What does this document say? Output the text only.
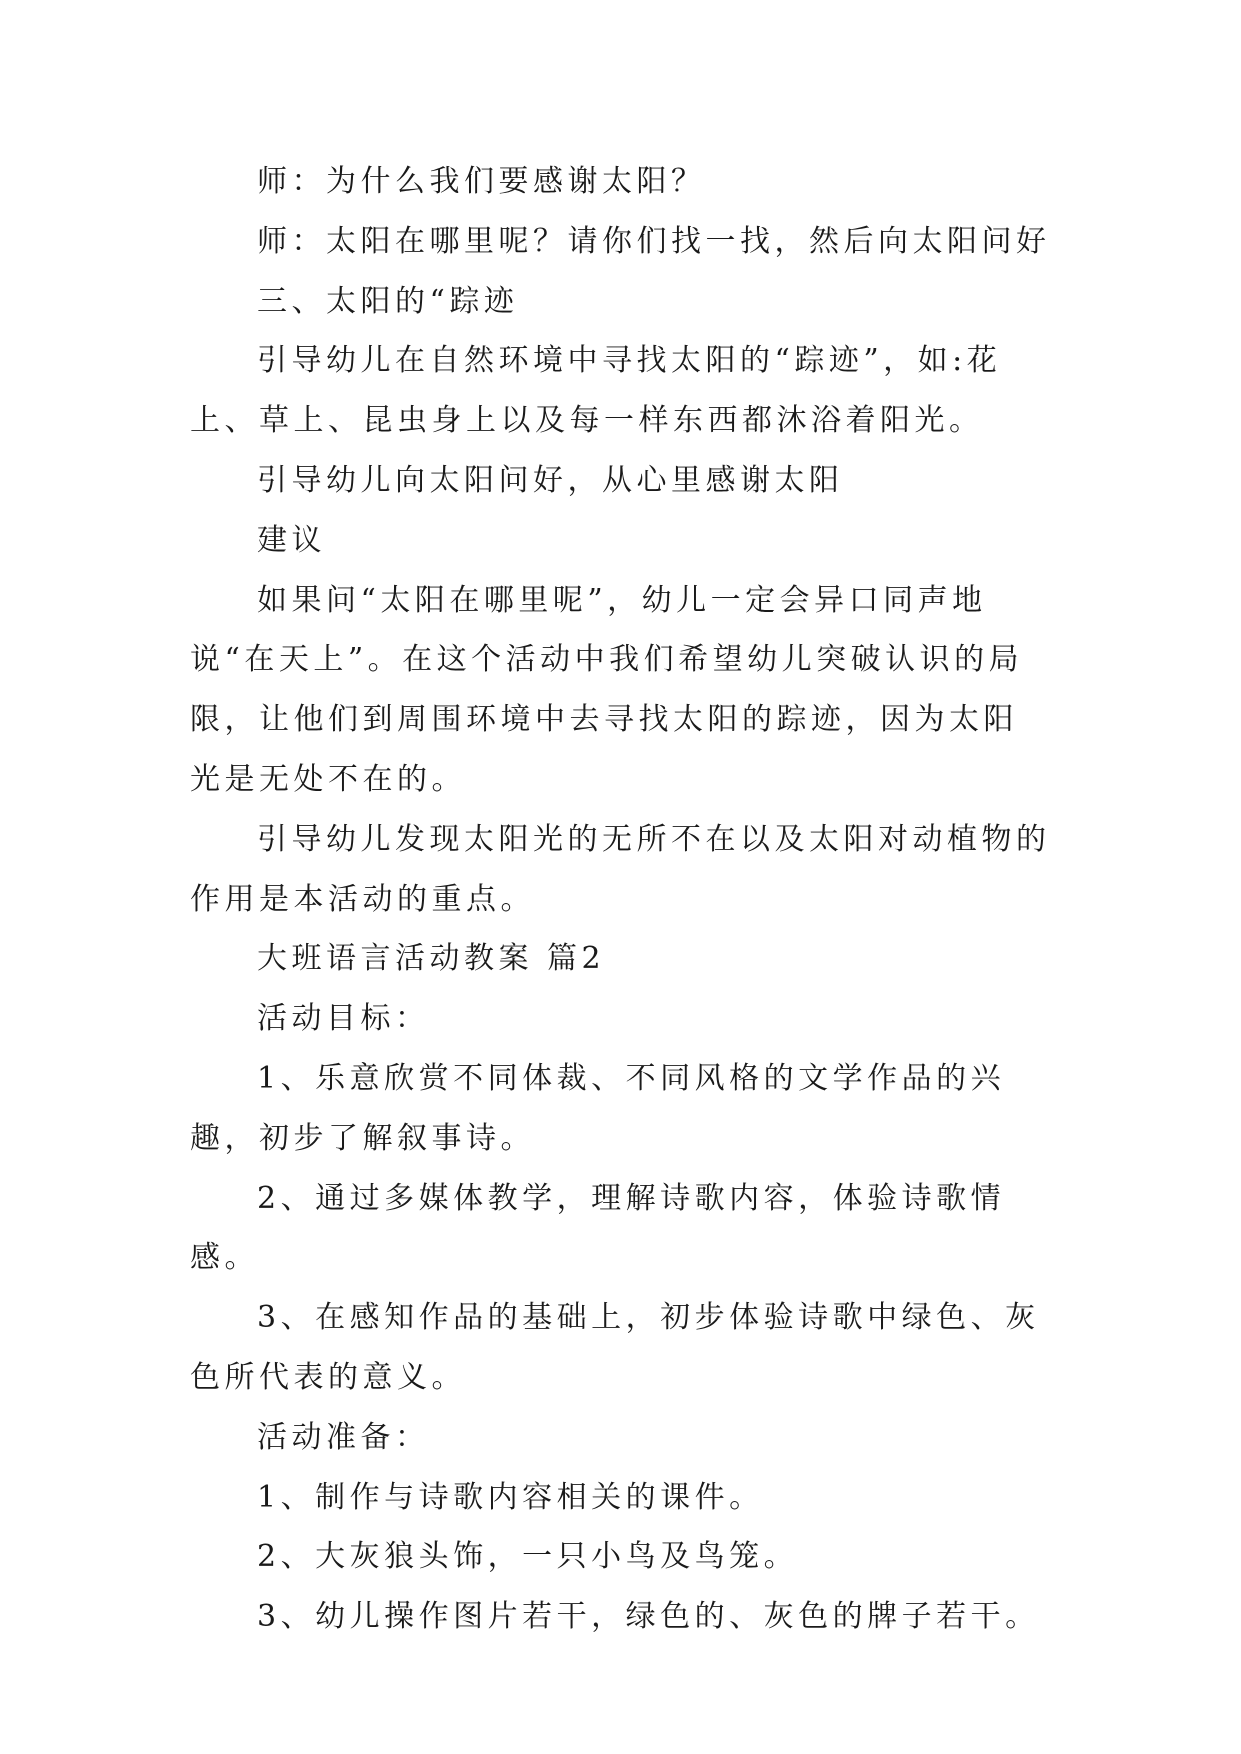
师：为什么我们要感谢太阳？

师：太阳在哪里呢？请你们找一找，然后向太阳问好

三、太阳的“踪迹

引导幼儿在自然环境中寻找太阳的“踪迹”，如:花上、草上、昆虫身上以及每一样东西都沐浴着阳光。

引导幼儿向太阳问好，从心里感谢太阳

建议

如果问“太阳在哪里呢”，幼儿一定会异口同声地说“在天上”。在这个活动中我们希望幼儿突破认识的局限，让他们到周围环境中去寻找太阳的踪迹，因为太阳光是无处不在的。

引导幼儿发现太阳光的无所不在以及太阳对动植物的作用是本活动的重点。

大班语言活动教案 篇2

活动目标：

1、乐意欣赏不同体裁、不同风格的文学作品的兴趣，初步了解叙事诗。

2、通过多媒体教学，理解诗歌内容，体验诗歌情感。

3、在感知作品的基础上，初步体验诗歌中绿色、灰色所代表的意义。

活动准备：

1、制作与诗歌内容相关的课件。

2、大灰狼头饰，一只小鸟及鸟笼。

3、幼儿操作图片若干，绿色的、灰色的牌子若干。
